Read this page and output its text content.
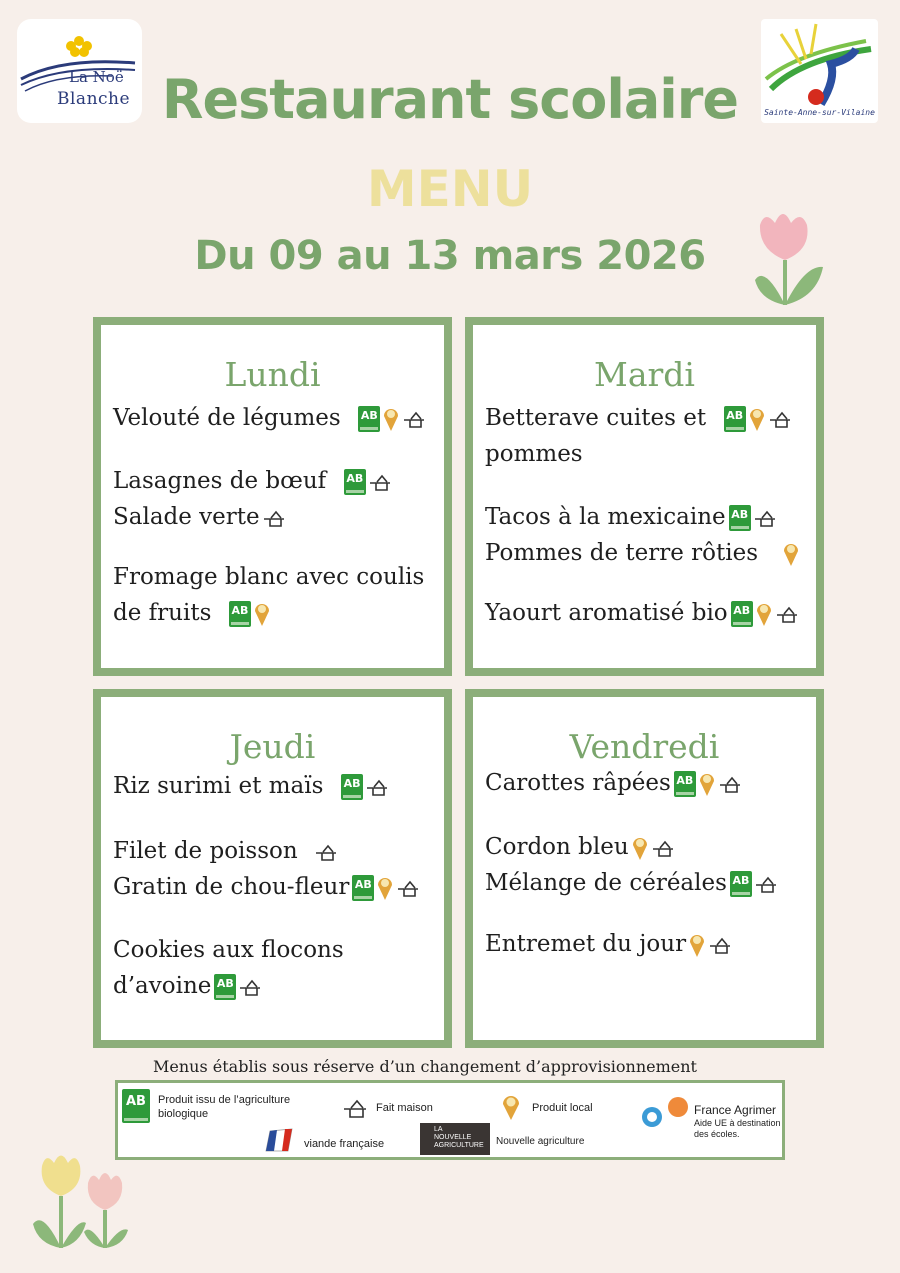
La Noë
Blanche
Sainte-Anne-sur-Vilaine
Restaurant scolaire
MENU
Du 09 au 13 mars 2026
Lundi
Velouté de légumes AB
Lasagnes de bœuf AB
Salade verte
Fromage blanc avec coulis
de fruits AB
Mardi
Betterave cuites et AB
pommes
Tacos à la mexicaine AB
Pommes de terre rôties
Yaourt aromatisé bio AB
Jeudi
Riz surimi et maïs AB
Filet de poisson
Gratin de chou-fleur AB
Cookies aux flocons
d’avoine AB
Vendredi
Carottes râpées AB
Cordon bleu
Mélange de céréales AB
Entremet du jour
Menus établis sous réserve d’un changement d’approvisionnement
AB	Produit issu de l’agriculture
biologique	Fait maison	Produit local	France Agrimer
Aide UE à destination
des écoles.
viande française
LA
NOUVELLE
AGRICULTURE	Nouvelle agriculture
